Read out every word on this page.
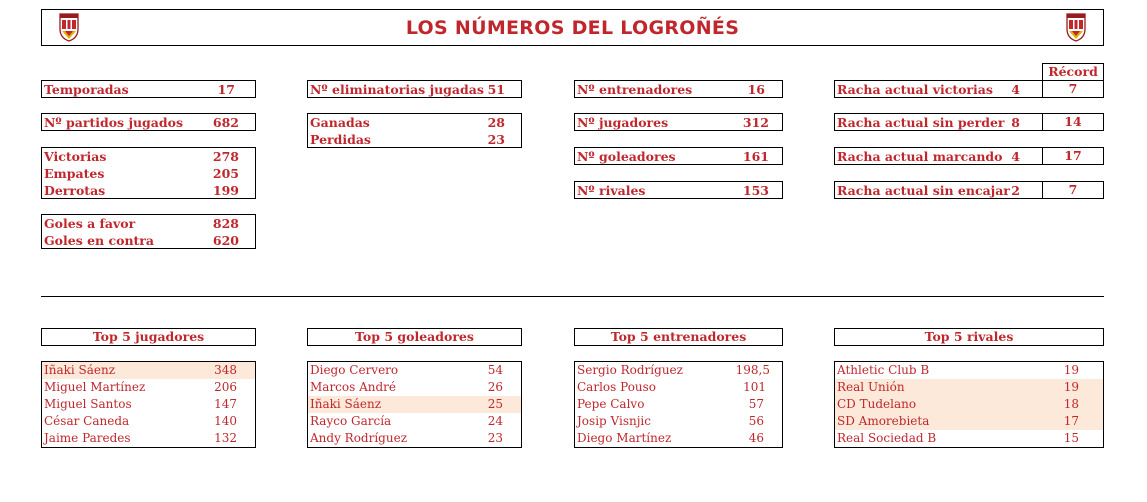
LOS NÚMEROS DEL LOGROÑÉS
Temporadas	17
Nº partidos jugados 682
Victorias	278
Empates	205
Derrotas	199
Goles a favor	828
Goles en contra	620
Nº eliminatorias jugadas 51
Ganadas	28
Perdidas	23
Nº entrenadores	16
Nº jugadores	312
Nº goleadores	161
Nº rivales	153
Récord
Racha actual victorias 4	7
Racha actual sin perder 8	14
Racha actual marcando 4	17
Racha actual sin encajar 2	7
Top 5 jugadores
Iñaki Sáenz	348
Miguel Martínez	206
Miguel Santos	147
César Caneda	140
Jaime Paredes	132
Top 5 goleadores
Diego Cervero	54
Marcos André	26
Iñaki Sáenz	25
Rayco García	24
Andy Rodríguez	23
Top 5 entrenadores
Sergio Rodríguez	198,5
Carlos Pouso	101
Pepe Calvo	57
Josip Visnjic	56
Diego Martínez	46
Top 5 rivales
Athletic Club B	19
Real Unión	19
CD Tudelano	18
SD Amorebieta	17
Real Sociedad B	15
